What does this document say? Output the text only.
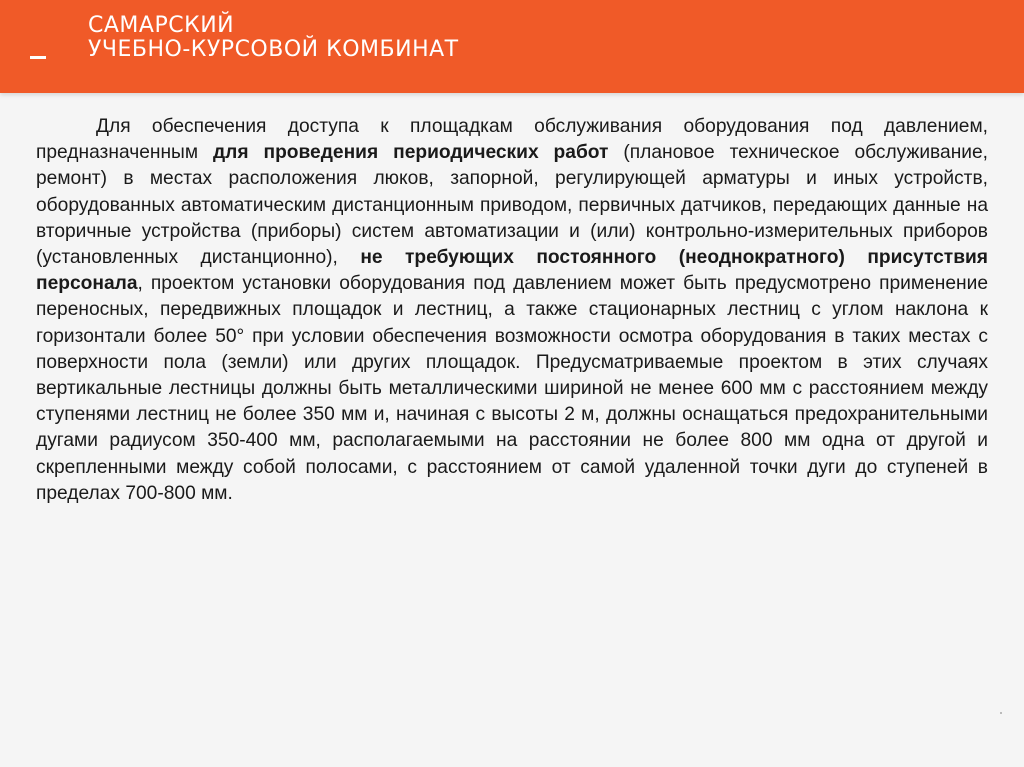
САМАРСКИЙ
УЧЕБНО-КУРСОВОЙ КОМБИНАТ

Для обеспечения доступа к площадкам обслуживания оборудования под давлением, предназначенным для проведения периодических работ (плановое техническое обслуживание, ремонт) в местах расположения люков, запорной, регулирующей арматуры и иных устройств, оборудованных автоматическим дистанционным приводом, первичных датчиков, передающих данные на вторичные устройства (приборы) систем автоматизации и (или) контрольно-измерительных приборов (установленных дистанционно), не требующих постоянного (неоднократного) присутствия персонала, проектом установки оборудования под давлением может быть предусмотрено применение переносных, передвижных площадок и лестниц, а также стационарных лестниц с углом наклона к горизонтали более 50° при условии обеспечения возможности осмотра оборудования в таких местах с поверхности пола (земли) или других площадок. Предусматриваемые проектом в этих случаях вертикальные лестницы должны быть металлическими шириной не менее 600 мм с расстоянием между ступенями лестниц не более 350 мм и, начиная с высоты 2 м, должны оснащаться предохранительными дугами радиусом 350-400 мм, располагаемыми на расстоянии не более 800 мм одна от другой и скрепленными между собой полосами, с расстоянием от самой удаленной точки дуги до ступеней в пределах 700-800 мм.
